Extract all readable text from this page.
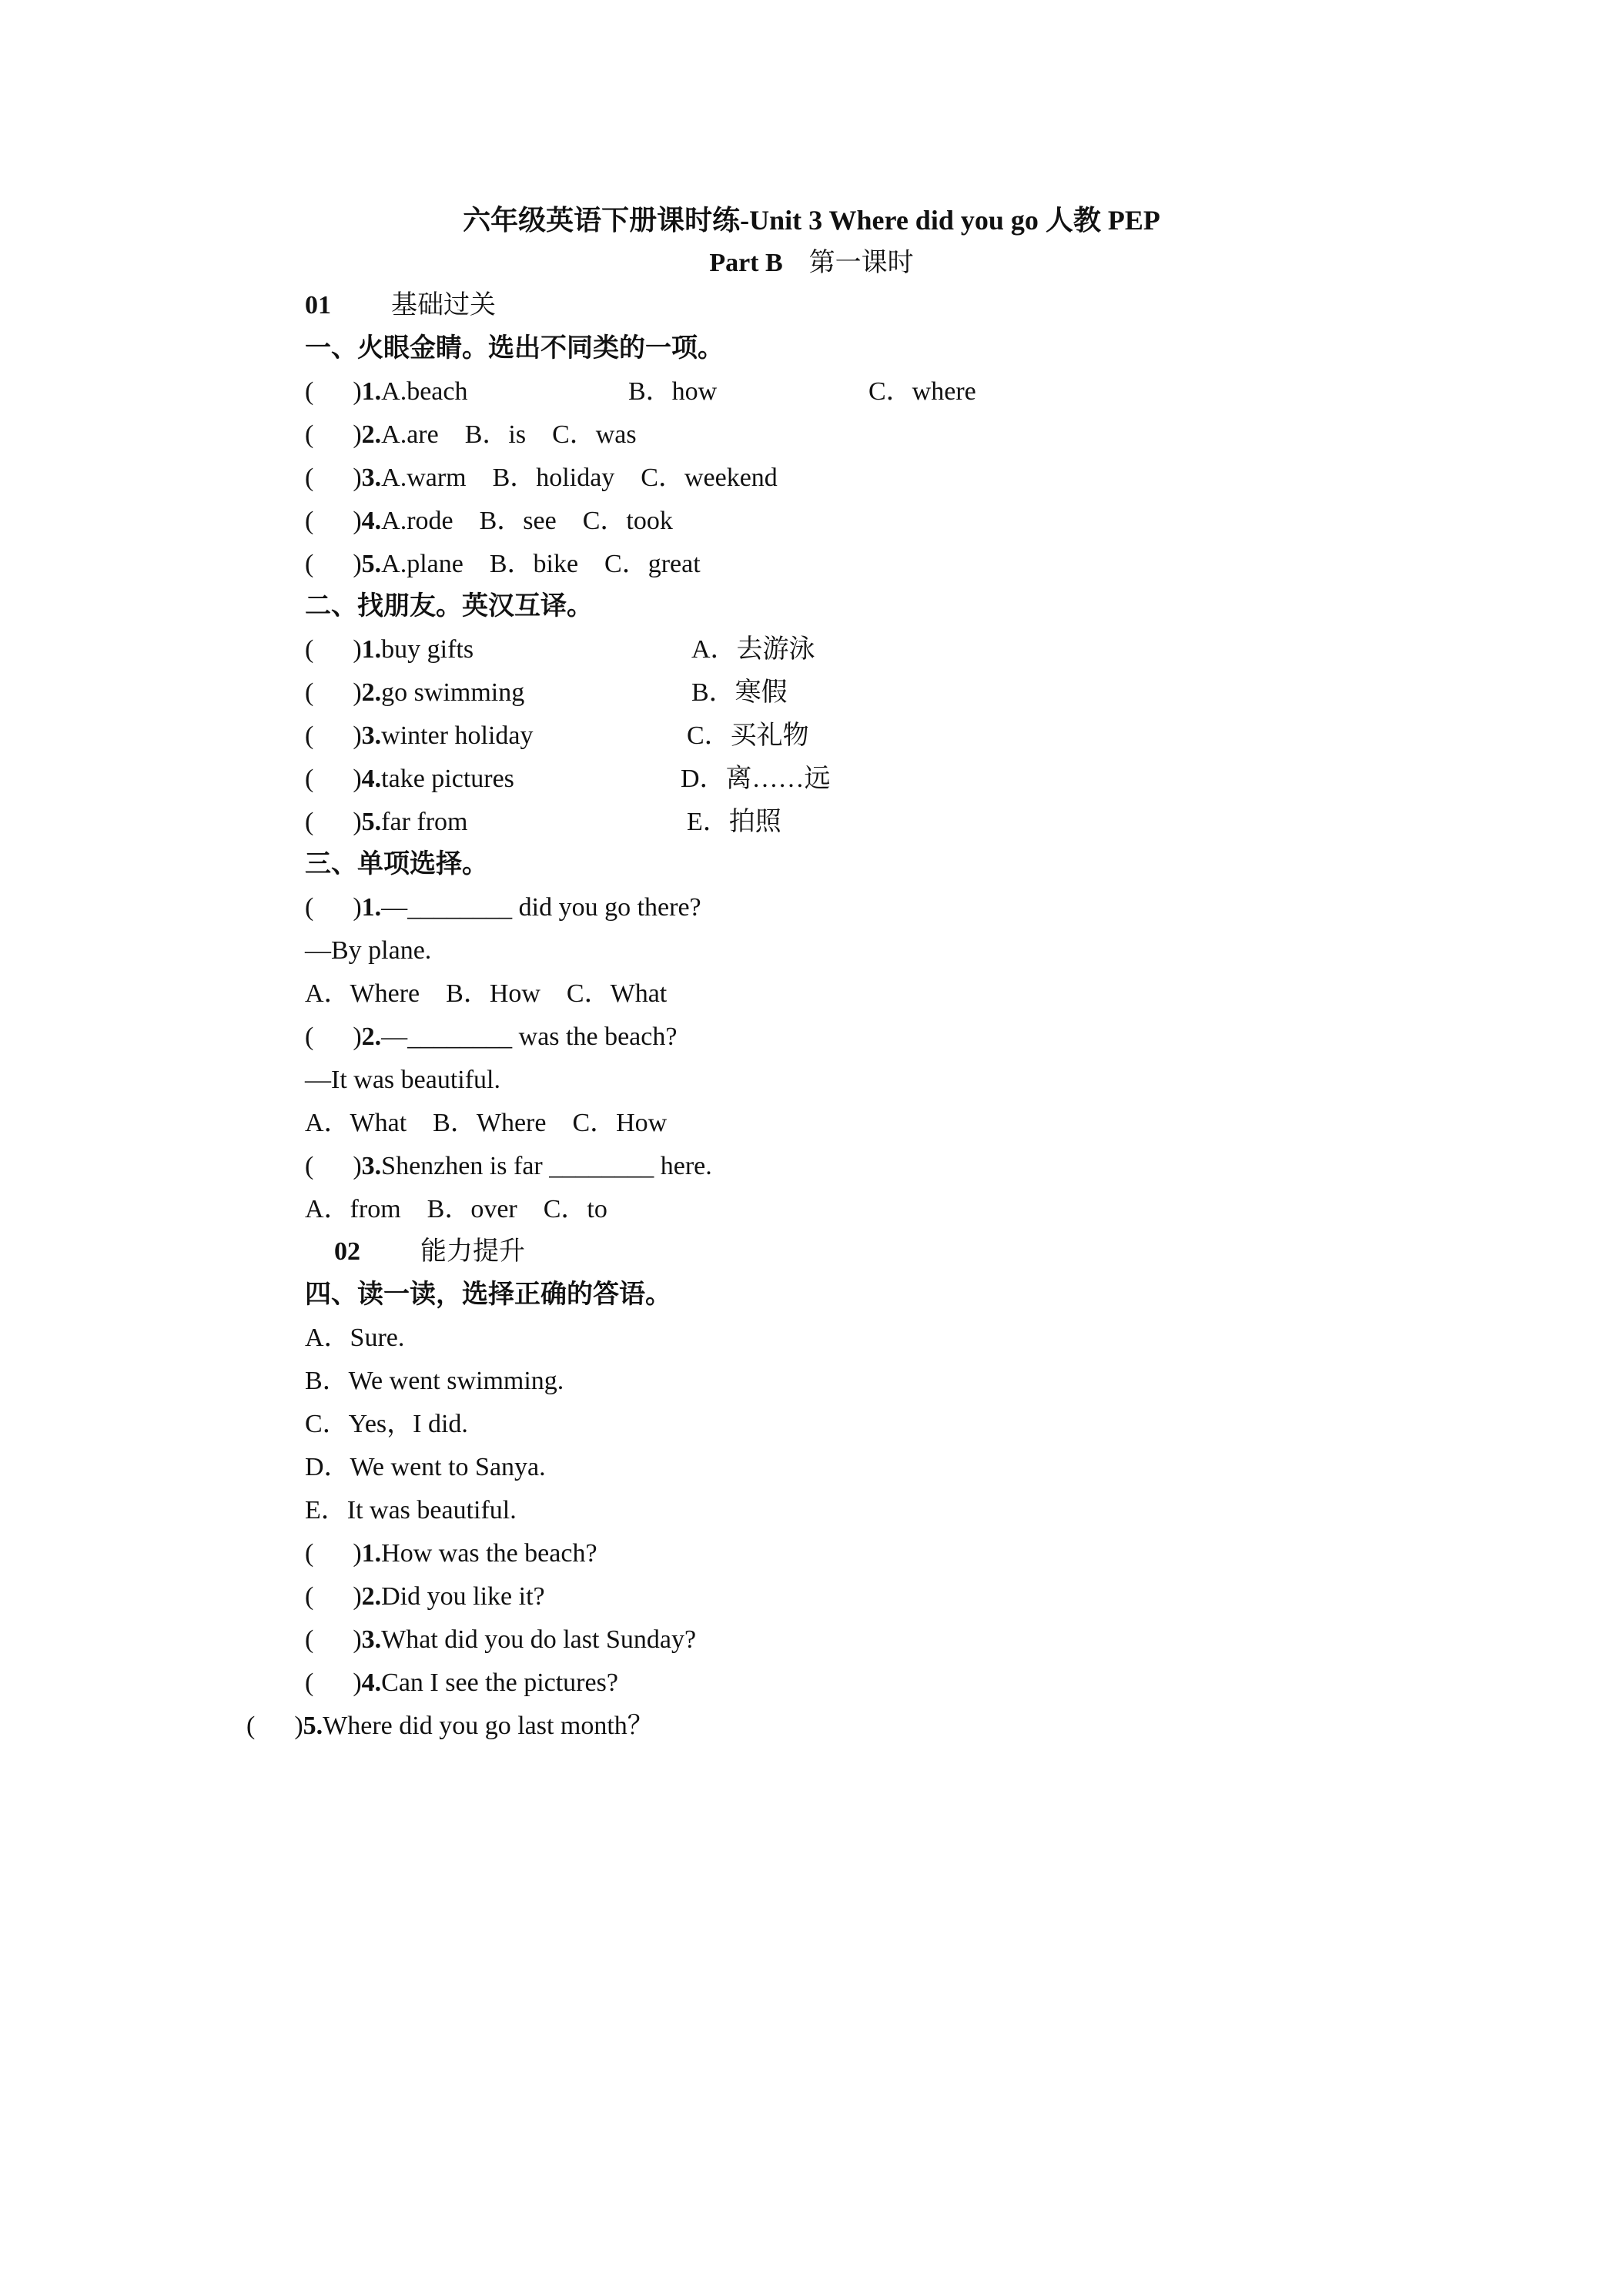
六年级英语下册课时练-Unit 3 Where did you go 人教 PEP
Part B 第一课时
01 基础过关
一、火眼金睛。选出不同类的一项。
(      )1.A.beach	B．how	C．where
(      )2.A.are    B．is    C．was
(      )3.A.warm    B．holiday    C．weekend
(      )4.A.rode    B．see    C．took
(      )5.A.plane    B．bike    C．great
二、找朋友。英汉互译。
(      )1.buy gifts	A．去游泳
(      )2.go swimming	B．寒假
(      )3.winter holiday	C．买礼物
(      )4.take pictures	D．离……远
(      )5.far from	E．拍照
三、单项选择。
(      )1.—________ did you go there?
—By plane.
A．Where    B．How    C．What
(      )2.—________ was the beach?
—It was beautiful.
A．What    B．Where    C．How
(      )3.Shenzhen is far ________ here.
A．from    B．over    C．to
02 能力提升
四、读一读，选择正确的答语。
A．Sure.
B．We went swimming.
C．Yes，I did.
D．We went to Sanya.
E．It was beautiful.
(      )1.How was the beach?
(      )2.Did you like it?
(      )3.What did you do last Sunday?
(      )4.Can I see the pictures?
(      )5.Where did you go last month？
